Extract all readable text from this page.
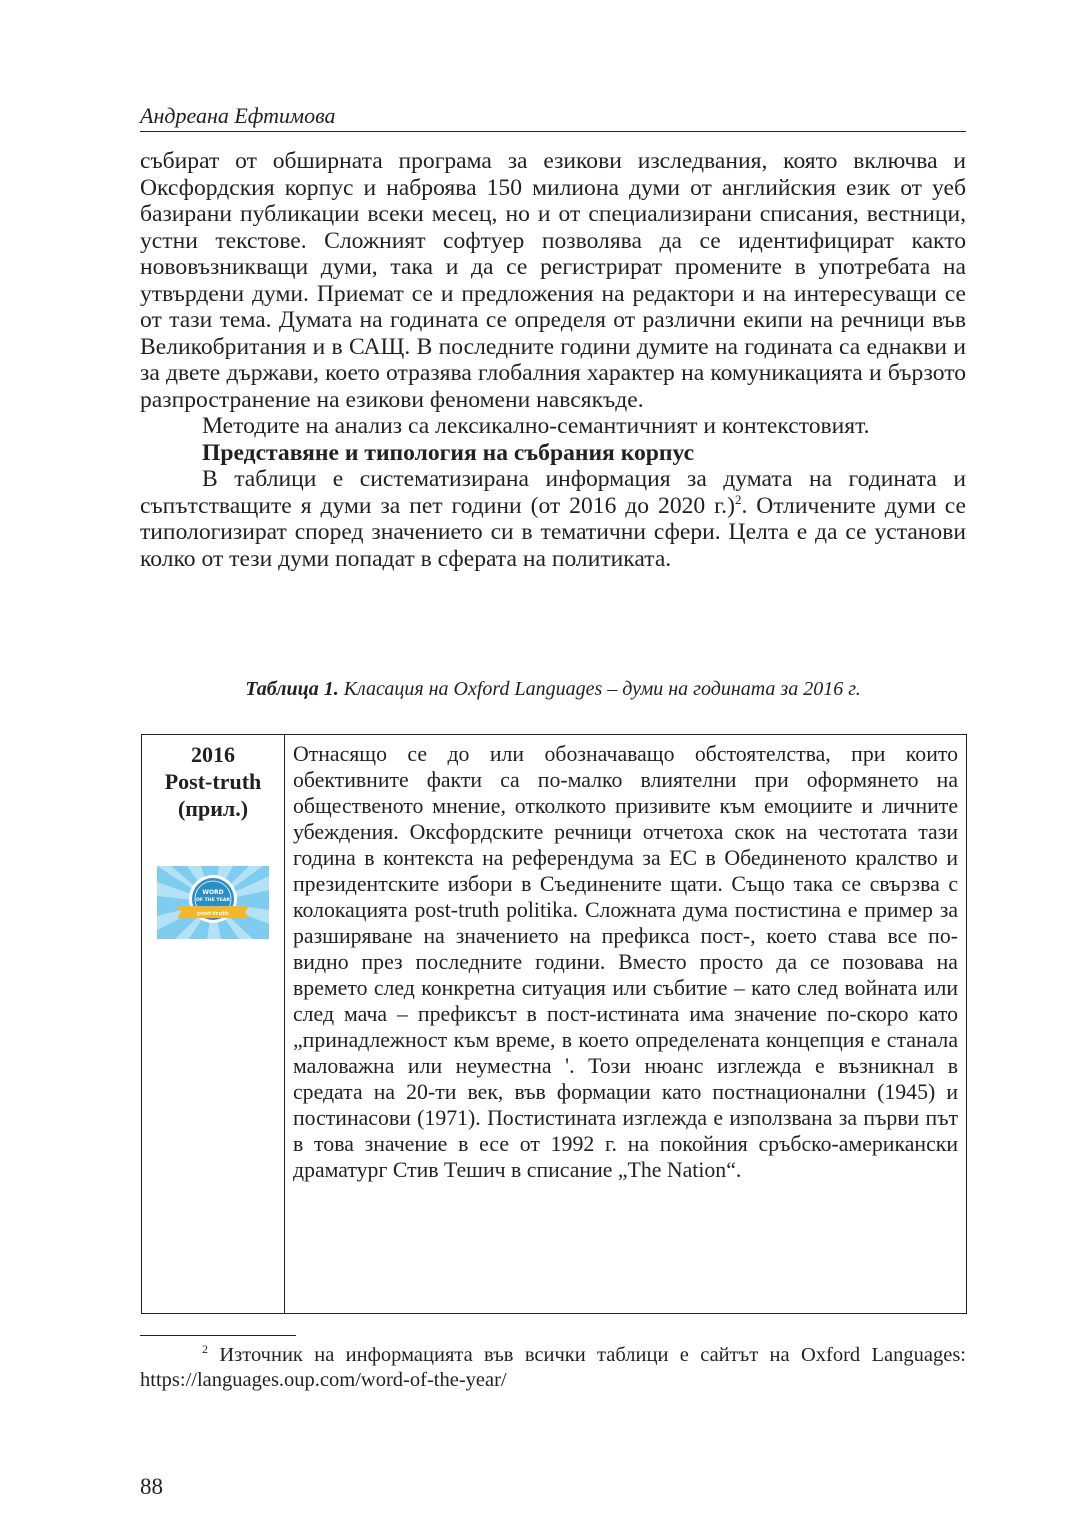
Андреана Ефтимова

събират от обширната програма за езикови изследвания, която включва и Оксфордския корпус и наброява 150 милиона думи от английския език от уеб базирани публикации всеки месец, но и от специализирани списания, вестници, устни текстове. Сложният софтуер позволява да се идентифицират както нововъзникващи думи, така и да се регистрират промените в употребата на утвърдени думи. Приемат се и предложения на редактори и на интересуващи се от тази тема. Думата на годината се определя от различни екипи на речници във Великобритания и в САЩ. В последните години думите на годината са еднакви и за двете държави, което отразява глобалния характер на комуникацията и бързото разпространение на езикови феномени навсякъде.

Методите на анализ са лексикално-семантичният и контекстовият.

Представяне и типология на събрания корпус

В таблици е систематизирана информация за думата на годината и съпътстващите я думи за пет години (от 2016 до 2020 г.)$^2$. Отличените думи се типологизират според значението си в тематични сфери. Целта е да се установи колко от тези думи попадат в сферата на политиката.

Таблица 1. Класация на Oxford Languages – думи на годината за 2016 г.
2016
Post-truth
(прил.)
WORD
OF THE YEAR
post-truth
	Отнасящо се до или обозначаващо обстоятелства, при които обективните факти са по-малко влиятелни при оформянето на общественото мнение, отколкото призивите към емоциите и личните убеждения. Оксфордските речници отчетоха скок на честотата тази година в контекста на референдума за ЕС в Обединеното кралство и президентските избори в Съединените щати. Също така се свързва с колокацията post-truth politika. Сложната дума постистина е пример за разширяване на значението на префикса пост-, което става все по-видно през последните години. Вместо просто да се позовава на времето след конкретна ситуация или събитие – като след войната или след мача – префиксът в пост-истината има значение по-скоро като „принадлежност към време, в което определената концепция е станала маловажна или неуместна '. Този нюанс изглежда е възникнал в средата на 20-ти век, във формации като постнационални (1945) и постинасови (1971). Постистината изглежда е използвана за първи път в това значение в есе от 1992 г. на покойния сръбско-американски драматург Стив Тешич в списание „The Nation“.
$^2$ Източник на информацията във всички таблици е сайтът на Oxford Languages: https://languages.oup.com/word-of-the-year/
88
